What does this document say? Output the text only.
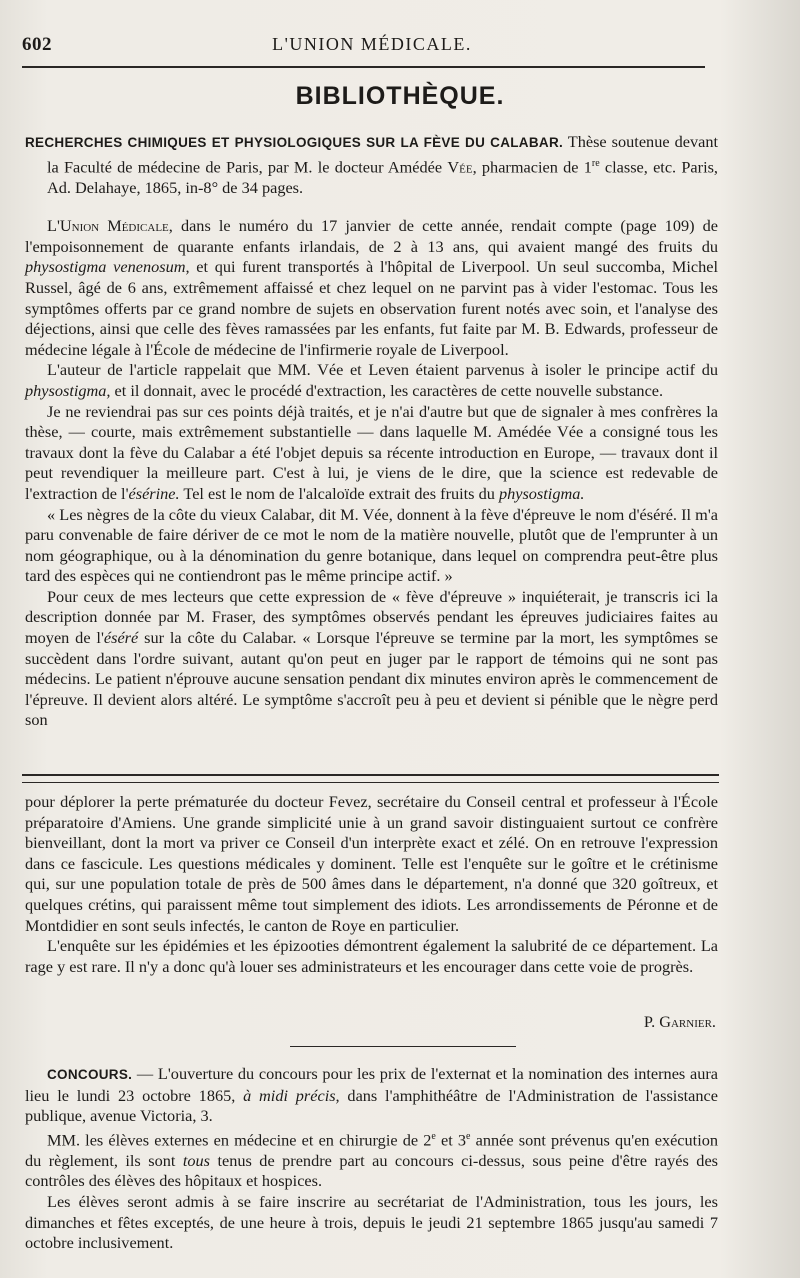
602	L'UNION MÉDICALE.
BIBLIOTHÈQUE.

RECHERCHES CHIMIQUES ET PHYSIOLOGIQUES SUR LA FÈVE DU CALABAR. Thèse soutenue devant la Faculté de médecine de Paris, par M. le docteur Amédée Vée, pharmacien de 1re classe, etc. Paris, Ad. Delahaye, 1865, in-8° de 34 pages.

L'Union Médicale, dans le numéro du 17 janvier de cette année, rendait compte (page 109) de l'empoisonnement de quarante enfants irlandais, de 2 à 13 ans, qui avaient mangé des fruits du physostigma venenosum, et qui furent transportés à l'hôpital de Liverpool. Un seul succomba, Michel Russel, âgé de 6 ans, extrêmement affaissé et chez lequel on ne parvint pas à vider l'estomac. Tous les symptômes offerts par ce grand nombre de sujets en observation furent notés avec soin, et l'analyse des déjections, ainsi que celle des fèves ramassées par les enfants, fut faite par M. B. Edwards, professeur de médecine légale à l'École de médecine de l'infirmerie royale de Liverpool.

L'auteur de l'article rappelait que MM. Vée et Leven étaient parvenus à isoler le principe actif du physostigma, et il donnait, avec le procédé d'extraction, les caractères de cette nouvelle substance.

Je ne reviendrai pas sur ces points déjà traités, et je n'ai d'autre but que de signaler à mes confrères la thèse, — courte, mais extrêmement substantielle — dans laquelle M. Amédée Vée a consigné tous les travaux dont la fève du Calabar a été l'objet depuis sa récente introduction en Europe, — travaux dont il peut revendiquer la meilleure part. C'est à lui, je viens de le dire, que la science est redevable de l'extraction de l'ésérine. Tel est le nom de l'alcaloïde extrait des fruits du physostigma.

« Les nègres de la côte du vieux Calabar, dit M. Vée, donnent à la fève d'épreuve le nom d'éséré. Il m'a paru convenable de faire dériver de ce mot le nom de la matière nouvelle, plutôt que de l'emprunter à un nom géographique, ou à la dénomination du genre botanique, dans lequel on comprendra peut-être plus tard des espèces qui ne contiendront pas le même principe actif. »

Pour ceux de mes lecteurs que cette expression de « fève d'épreuve » inquiéterait, je transcris ici la description donnée par M. Fraser, des symptômes observés pendant les épreuves judiciaires faites au moyen de l'éséré sur la côte du Calabar. « Lorsque l'épreuve se termine par la mort, les symptômes se succèdent dans l'ordre suivant, autant qu'on peut en juger par le rapport de témoins qui ne sont pas médecins. Le patient n'éprouve aucune sensation pendant dix minutes environ après le commencement de l'épreuve. Il devient alors altéré. Le symptôme s'accroît peu à peu et devient si pénible que le nègre perd son

pour déplorer la perte prématurée du docteur Fevez, secrétaire du Conseil central et professeur à l'École préparatoire d'Amiens. Une grande simplicité unie à un grand savoir distinguaient surtout ce confrère bienveillant, dont la mort va priver ce Conseil d'un interprète exact et zélé. On en retrouve l'expression dans ce fascicule. Les questions médicales y dominent. Telle est l'enquête sur le goître et le crétinisme qui, sur une population totale de près de 500 âmes dans le département, n'a donné que 320 goîtreux, et quelques crétins, qui paraissent même tout simplement des idiots. Les arrondissements de Péronne et de Montdidier en sont seuls infectés, le canton de Roye en particulier.

L'enquête sur les épidémies et les épizooties démontrent également la salubrité de ce département. La rage y est rare. Il n'y a donc qu'à louer ses administrateurs et les encourager dans cette voie de progrès.

P. Garnier.

CONCOURS. — L'ouverture du concours pour les prix de l'externat et la nomination des internes aura lieu le lundi 23 octobre 1865, à midi précis, dans l'amphithéâtre de l'Administration de l'assistance publique, avenue Victoria, 3.

MM. les élèves externes en médecine et en chirurgie de 2e et 3e année sont prévenus qu'en exécution du règlement, ils sont tous tenus de prendre part au concours ci-dessus, sous peine d'être rayés des contrôles des élèves des hôpitaux et hospices.

Les élèves seront admis à se faire inscrire au secrétariat de l'Administration, tous les jours, les dimanches et fêtes exceptés, de une heure à trois, depuis le jeudi 21 septembre 1865 jusqu'au samedi 7 octobre inclusivement.
